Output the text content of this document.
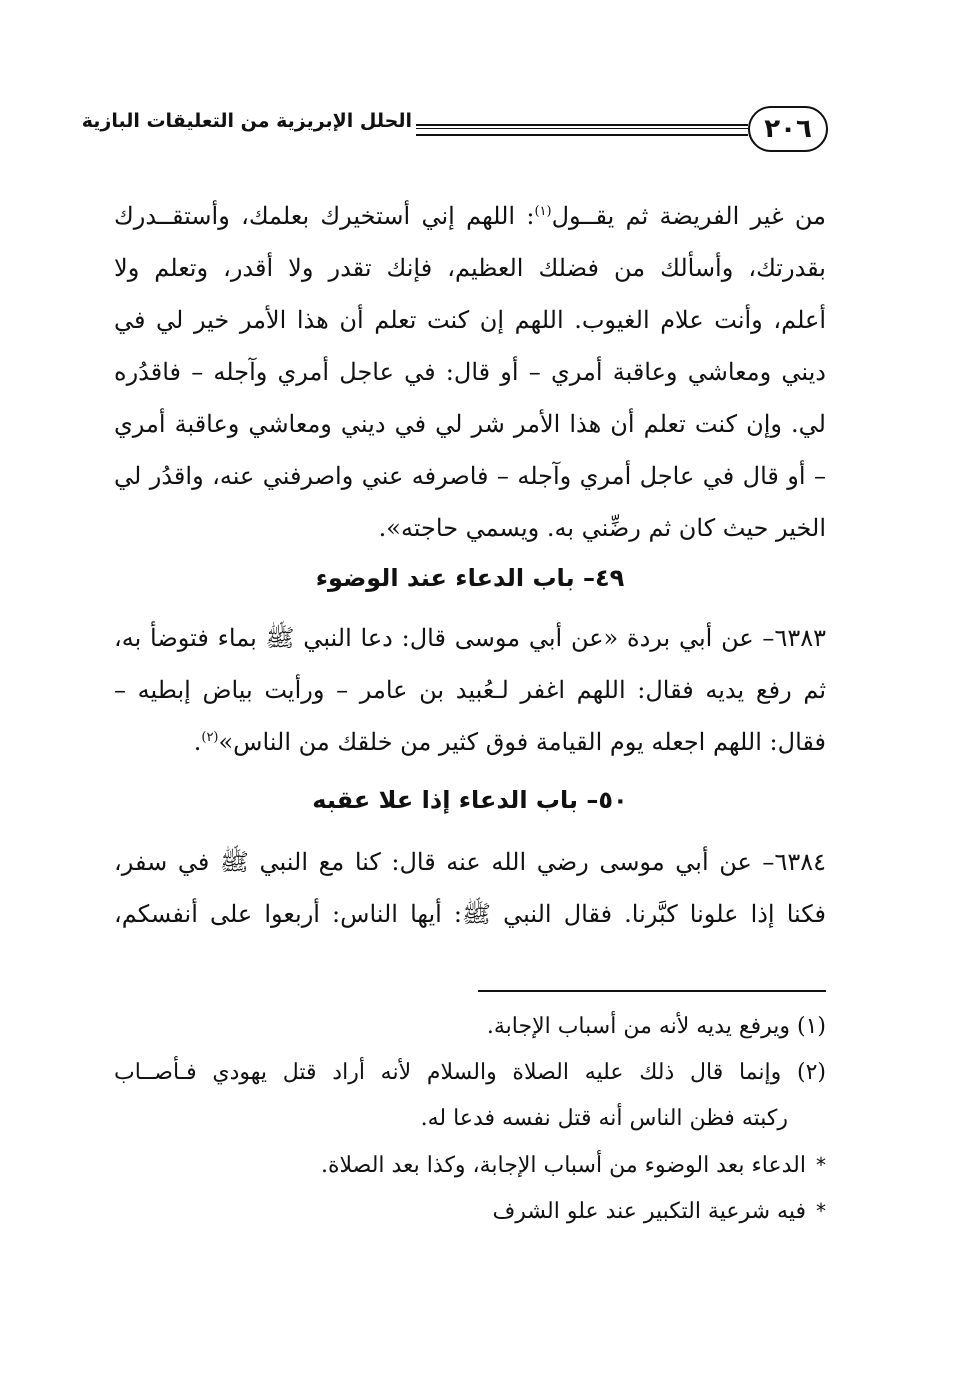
٢٠٦
الحلل الإبريزية من التعليقات البازية
من غير الفريضة ثم يقــول$^{(١)}$: اللهم إني أستخيرك بعلمك، وأستقــدرك
بقدرتك، وأسألك من فضلك العظيم، فإنك تقدر ولا أقدر، وتعلم ولا
أعلم، وأنت علام الغيوب. اللهم إن كنت تعلم أن هذا الأمر خير لي في
ديني ومعاشي وعاقبة أمري – أو قال: في عاجل أمري وآجله – فاقدُره
لي. وإن كنت تعلم أن هذا الأمر شر لي في ديني ومعاشي وعاقبة أمري
– أو قال في عاجل أمري وآجله – فاصرفه عني واصرفني عنه، واقدُر لي
الخير حيث كان ثم رضِّني به. ويسمي حاجته».
٤٩– باب الدعاء عند الوضوء
٦٣٨٣– عن أبي بردة «عن أبي موسى قال: دعا النبي ﷺ بماء فتوضأ به،
ثم رفع يديه فقال: اللهم اغفر لـعُبيد بن عامر – ورأيت بياض إبطيه –
فقال: اللهم اجعله يوم القيامة فوق كثير من خلقك من الناس»$^{(٢)}$.
٥٠– باب الدعاء إذا علا عقبه
٦٣٨٤– عن أبي موسى رضي الله عنه قال: كنا مع النبي ﷺ في سفر،
فكنا إذا علونا كبَّرنا. فقال النبي ﷺ: أيها الناس: أربعوا على أنفسكم،
(١) ويرفع يديه لأنه من أسباب الإجابة.
(٢) وإنما قال ذلك عليه الصلاة والسلام لأنه أراد قتل يهودي فـأصــاب
ركبته فظن الناس أنه قتل نفسه فدعا له.
*الدعاء بعد الوضوء من أسباب الإجابة، وكذا بعد الصلاة.
*فيه شرعية التكبير عند علو الشرف
